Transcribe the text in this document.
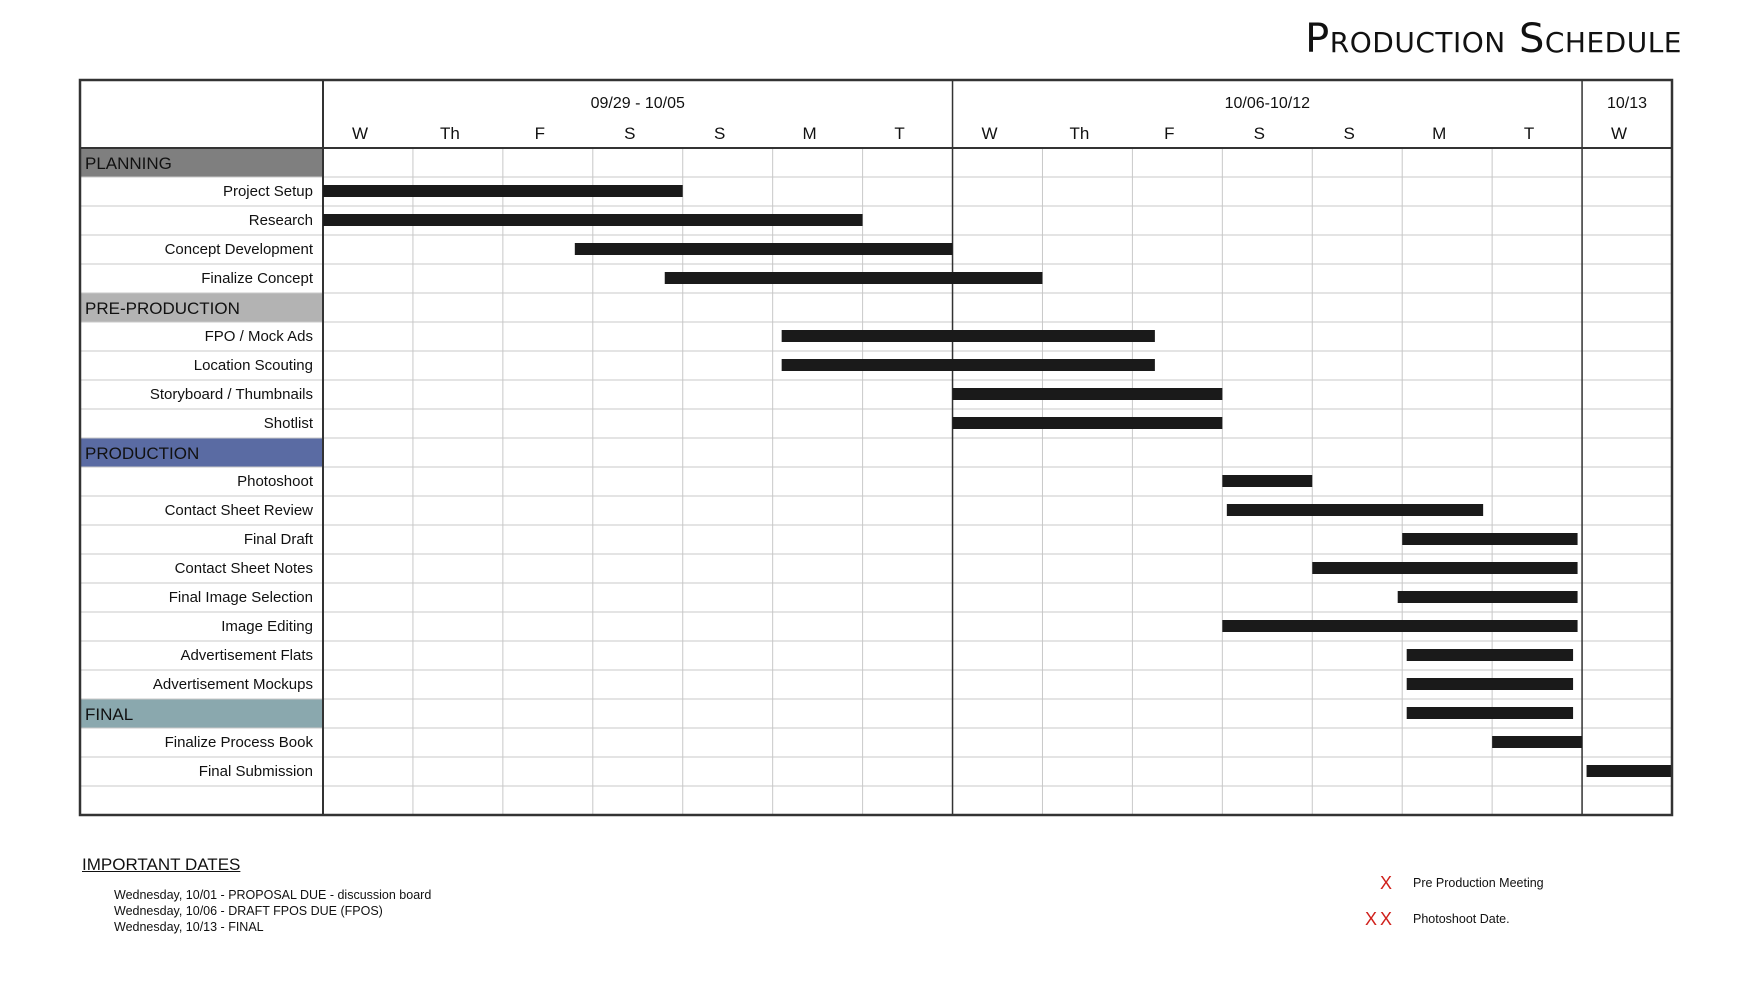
Production Schedule
09/29 - 10/05
W	Th	F	S	S	M	T
10/06-10/12
W	Th	F	S	S	M	T
10/13
W
PLANNING
Project Setup
Research
Concept Development
Finalize Concept
PRE-PRODUCTION
FPO / Mock Ads
Location Scouting
Storyboard / Thumbnails
Shotlist
PRODUCTION
Photoshoot
Contact Sheet Review
Final Draft
Contact Sheet Notes
Final Image Selection
Image Editing
Advertisement Flats
Advertisement Mockups
FINAL
Finalize Process Book
Final Submission
IMPORTANT DATES
Wednesday, 10/01 - PROPOSAL DUE - discussion board
Wednesday, 10/06 - DRAFT FPOS DUE (FPOS)
Wednesday, 10/13 - FINAL
X Pre Production Meeting
XX Photoshoot Date.
